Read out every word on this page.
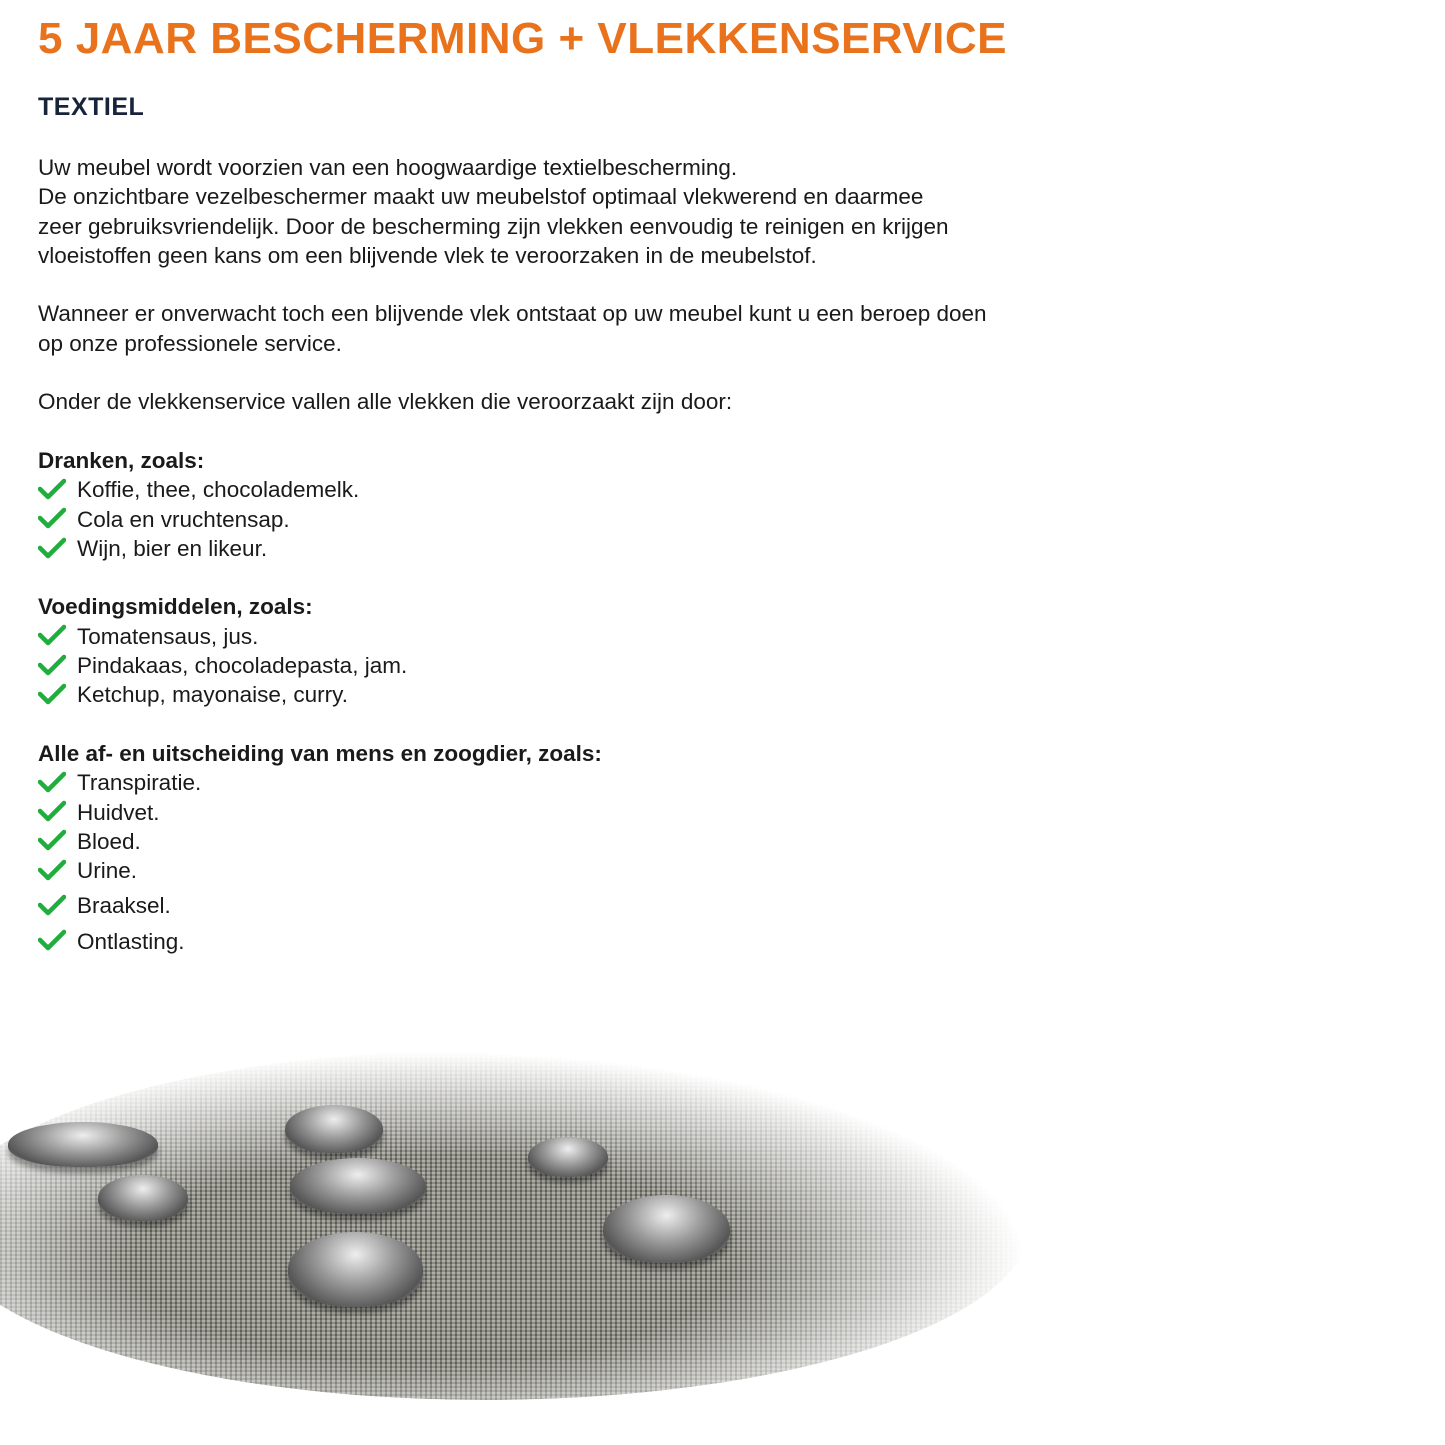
5 JAAR BESCHERMING + VLEKKENSERVICE
TEXTIEL
Uw meubel wordt voorzien van een hoogwaardige textielbescherming.
De onzichtbare vezelbeschermer maakt uw meubelstof optimaal vlekwerend en daarmee
zeer gebruiksvriendelijk. Door de bescherming zijn vlekken eenvoudig te reinigen en krijgen
vloeistoffen geen kans om een blijvende vlek te veroorzaken in de meubelstof.
Wanneer er onverwacht toch een blijvende vlek ontstaat op uw meubel kunt u een beroep doen
op onze professionele service.
Onder de vlekkenservice vallen alle vlekken die veroorzaakt zijn door:
Dranken, zoals:
Koffie, thee, chocolademelk.
Cola en vruchtensap.
Wijn, bier en likeur.
Voedingsmiddelen, zoals:
Tomatensaus, jus.
Pindakaas, chocoladepasta, jam.
Ketchup, mayonaise, curry.
Alle af- en uitscheiding van mens en zoogdier, zoals:
Transpiratie.
Huidvet.
Bloed.
Urine.
Braaksel.
Ontlasting.
